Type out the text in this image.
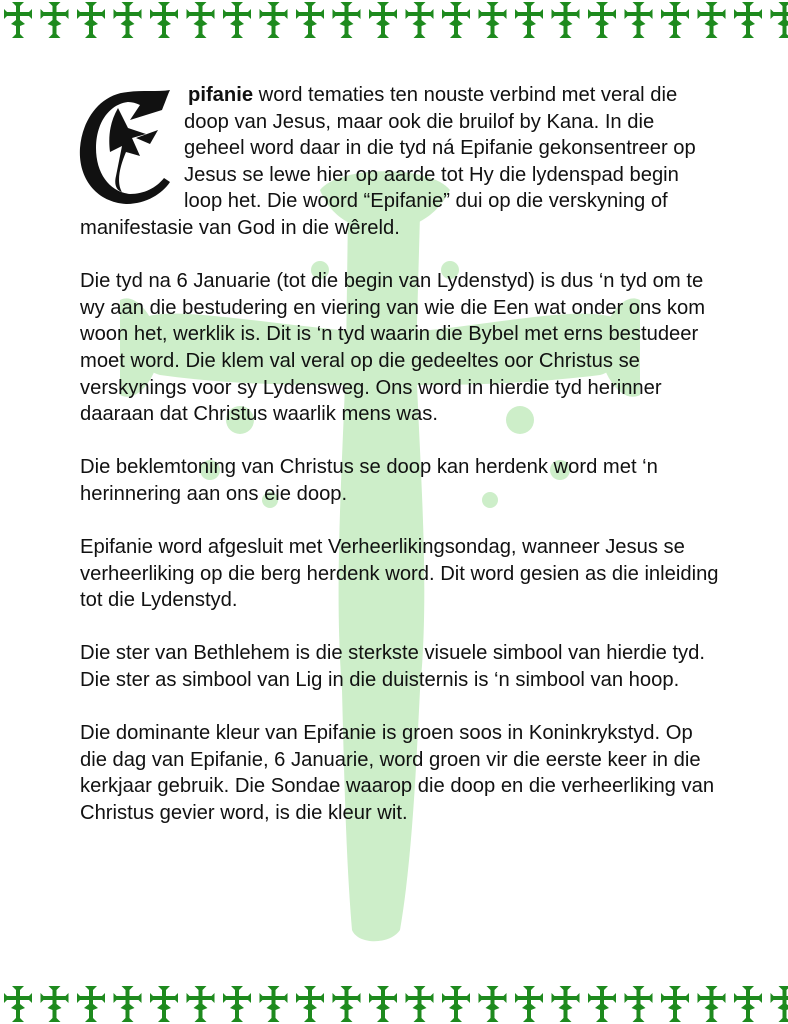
pifanie word tematies ten nouste verbind met veral die doop van Jesus, maar ook die bruilof by Kana. In die geheel word daar in die tyd ná Epifanie gekonsentreer op Jesus se lewe hier op aarde tot Hy die lydenspad begin loop het. Die woord “Epifanie” dui op die verskyning of manifestasie van God in die wêreld.

Die tyd na 6 Januarie (tot die begin van Lydenstyd) is dus ‘n tyd om te wy aan die bestudering en viering van wie die Een wat onder ons kom woon het, werklik is. Dit is ‘n tyd waarin die Bybel met erns bestudeer moet word. Die klem val veral op die gedeeltes oor Christus se verskynings voor sy Lydensweg. Ons word in hierdie tyd herinner daaraan dat Christus waarlik mens was.

Die beklemtoning van Christus se doop kan herdenk word met ‘n herinnering aan ons eie doop.

Epifanie word afgesluit met Verheerlikingsondag, wanneer Jesus se verheerliking op die berg herdenk word. Dit word gesien as die inleiding tot die Lydenstyd.

Die ster van Bethlehem is die sterkste visuele simbool van hierdie tyd. Die ster as simbool van Lig in die duisternis is ‘n simbool van hoop.

Die dominante kleur van Epifanie is groen soos in Koninkrykstyd. Op die dag van Epifanie, 6 Januarie, word groen vir die eerste keer in die kerkjaar gebruik. Die Sondae waarop die doop en die verheerliking van Christus gevier word, is die kleur wit.
